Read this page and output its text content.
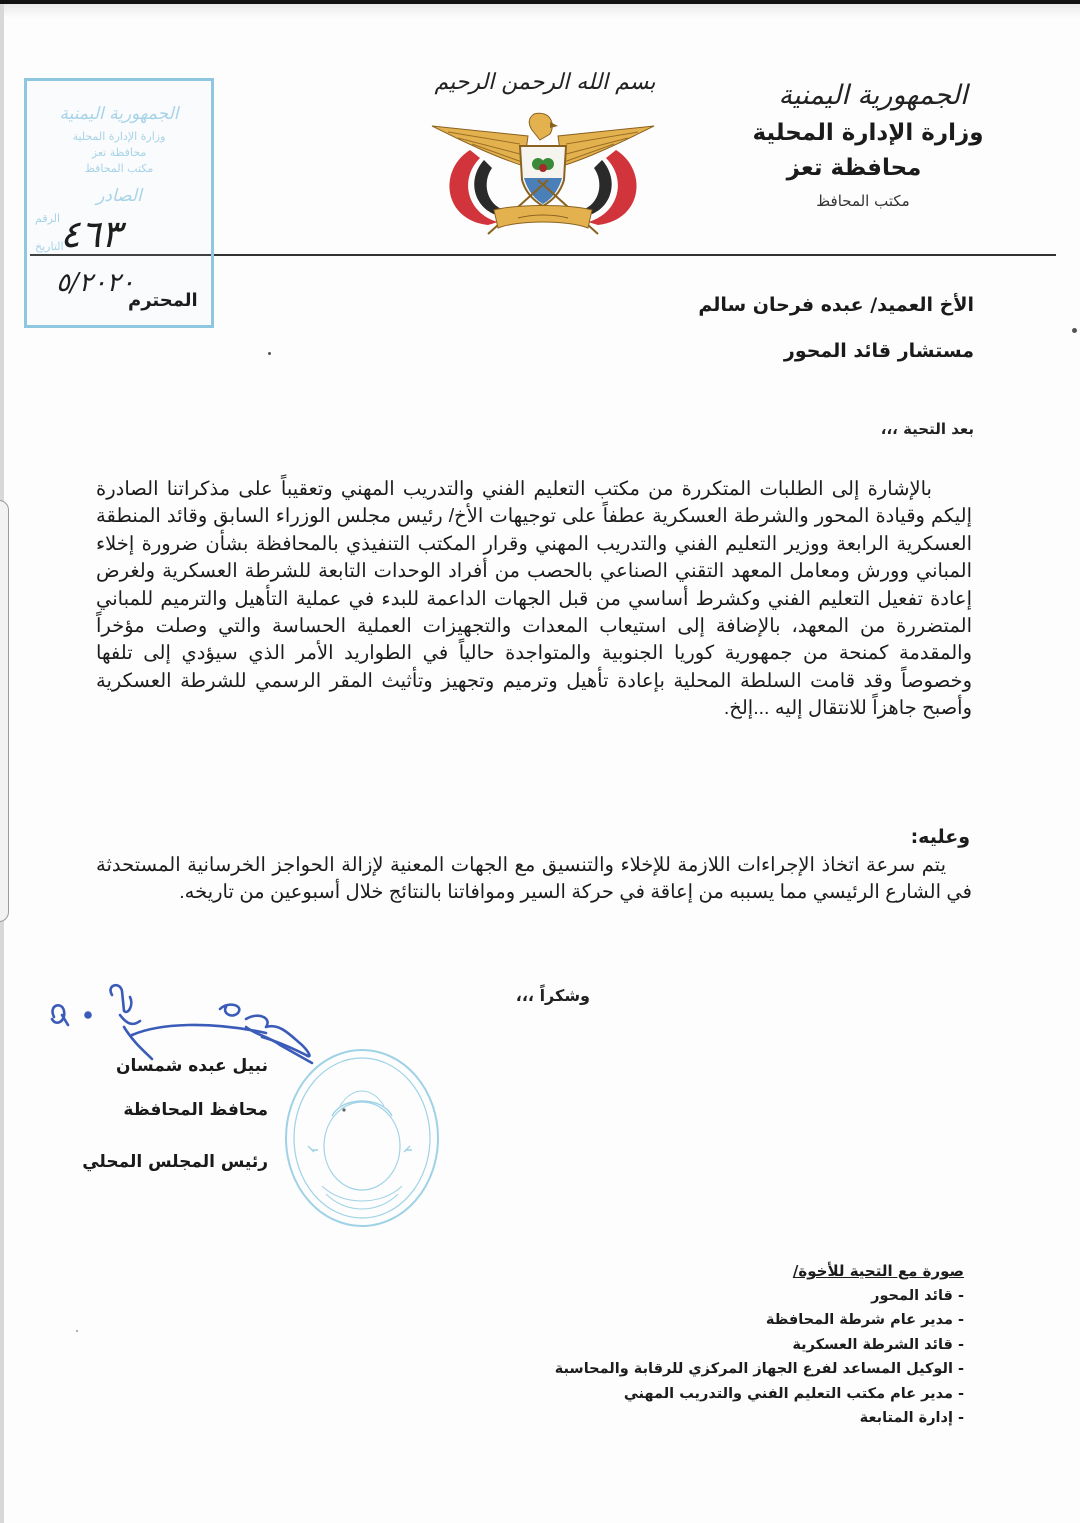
الجمهورية اليمنية
وزارة الإدارة المحلية
محافظة تعز
مكتب المحافظ
بسم الله الرحمن الرحيم
الجمهورية اليمنية
وزارة الإدارة المحلية
محافظة تعز
مكتب المحافظ
الصادر
الرقم
التاريخ
٤٦٣
٥/٢٠٢٠
المحترم	الأخ العميد/ عبده فرحان سالم
مستشار قائد المحور
بعد التحية ،،،
بالإشارة إلى الطلبات المتكررة من مكتب التعليم الفني والتدريب المهني وتعقيباً على مذكراتنا الصادرة إليكم وقيادة المحور والشرطة العسكرية عطفاً على توجيهات الأخ/ رئيس مجلس الوزراء السابق وقائد المنطقة العسكرية الرابعة ووزير التعليم الفني والتدريب المهني وقرار المكتب التنفيذي بالمحافظة بشأن ضرورة إخلاء المباني وورش ومعامل المعهد التقني الصناعي بالحصب من أفراد الوحدات التابعة للشرطة العسكرية ولغرض إعادة تفعيل التعليم الفني وكشرط أساسي من قبل الجهات الداعمة للبدء في عملية التأهيل والترميم للمباني المتضررة من المعهد، بالإضافة إلى استيعاب المعدات والتجهيزات العملية الحساسة والتي وصلت مؤخراً والمقدمة كمنحة من جمهورية كوريا الجنوبية والمتواجدة حالياً في الطواريد الأمر الذي سيؤدي إلى تلفها وخصوصاً وقد قامت السلطة المحلية بإعادة تأهيل وترميم وتجهيز وتأثيث المقر الرسمي للشرطة العسكرية وأصبح جاهزاً للانتقال إليه ...إلخ.
وعليه:
يتم سرعة اتخاذ الإجراءات اللازمة للإخلاء والتنسيق مع الجهات المعنية لإزالة الحواجز الخرسانية المستحدثة في الشارع الرئيسي مما يسببه من إعاقة في حركة السير وموافاتنا بالنتائج خلال أسبوعين من تاريخه.
وشكراً ،،،
نبيل عبده شمسان
محافظ المحافظة
رئيس المجلس المحلي
صورة مع التحية للأخوة/
- قائد المحور
- مدير عام شرطة المحافظة
- قائد الشرطة العسكرية
- الوكيل المساعد لفرع الجهاز المركزي للرقابة والمحاسبة
- مدير عام مكتب التعليم الفني والتدريب المهني
- إدارة المتابعة
